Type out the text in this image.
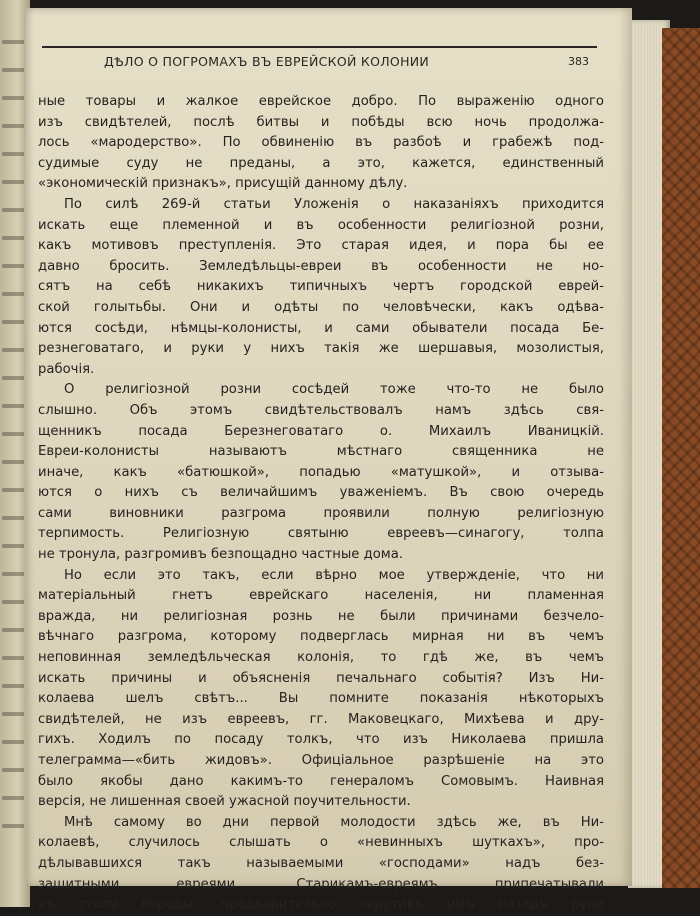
ДѢЛО О ПОГРОМАХЪ ВЪ ЕВРЕЙСКОЙ КОЛОНИИ	383
ные товары и жалкое еврейское добро. По выраженію одного
изъ свидѣтелей, послѣ битвы и побѣды всю ночь продолжа-
лось «мародерство». По обвиненію въ разбоѣ и грабежѣ под-
судимые суду не преданы, а это, кажется, единственный
«экономическій признакъ», присущій данному дѣлу.
По силѣ 269-й статьи Уложенія о наказаніяхъ приходится
искать еще племенной и въ особенности религіозной розни,
какъ мотивовъ преступленія. Это старая идея, и пора бы ее
давно бросить. Земледѣльцы-евреи въ особенности не но-
сятъ на себѣ никакихъ типичныхъ чертъ городской еврей-
ской голытьбы. Они и одѣты по человѣчески, какъ одѣва-
ются сосѣди, нѣмцы-колонисты, и сами обыватели посада Бе-
резнеговатаго, и руки у нихъ такія же шершавыя, мозолистыя,
рабочія.
О религіозной розни сосѣдей тоже что-то не было
слышно. Объ этомъ свидѣтельствовалъ намъ здѣсь свя-
щенникъ посада Березнеговатаго о. Михаилъ Иваницкій.
Евреи-колонисты называютъ мѣстнаго священника не
иначе, какъ «батюшкой», попадью «матушкой», и отзыва-
ются о нихъ съ величайшимъ уваженіемъ. Въ свою очередь
сами виновники разгрома проявили полную религіозную
терпимость. Религіозную святыню евреевъ—синагогу, толпа
не тронула, разгромивъ безпощадно частные дома.
Но если это такъ, если вѣрно мое утвержденіе, что ни
матеріальный гнетъ еврейскаго населенія, ни пламенная
вражда, ни религіозная рознь не были причинами безчело-
вѣчнаго разгрома, которому подверглась мирная ни въ чемъ
неповинная земледѣльческая колонія, то гдѣ же, въ чемъ
искать причины и объясненія печальнаго событія? Изъ Ни-
колаева шелъ свѣтъ... Вы помните показанія нѣкоторыхъ
свидѣтелей, не изъ евреевъ, гг. Маковецкаго, Михѣева и дру-
гихъ. Ходилъ по посаду толкъ, что изъ Николаева пришла
телеграмма—«бить жидовъ». Офиціальное разрѣшеніе на это
было якобы дано какимъ-то генераломъ Сомовымъ. Наивная
версія, не лишенная своей ужасной поучительности.
Мнѣ самому во дни первой молодости здѣсь же, въ Ни-
колаевѣ, случилось слышать о «невинныхъ шуткахъ», про-
дѣлывавшихся такъ называемыми «господами» надъ без-
защитными евреями. Старикамъ-евреямъ припечатывали
къ столу бороды, предварительно скрутивъ имъ назадъ руки
